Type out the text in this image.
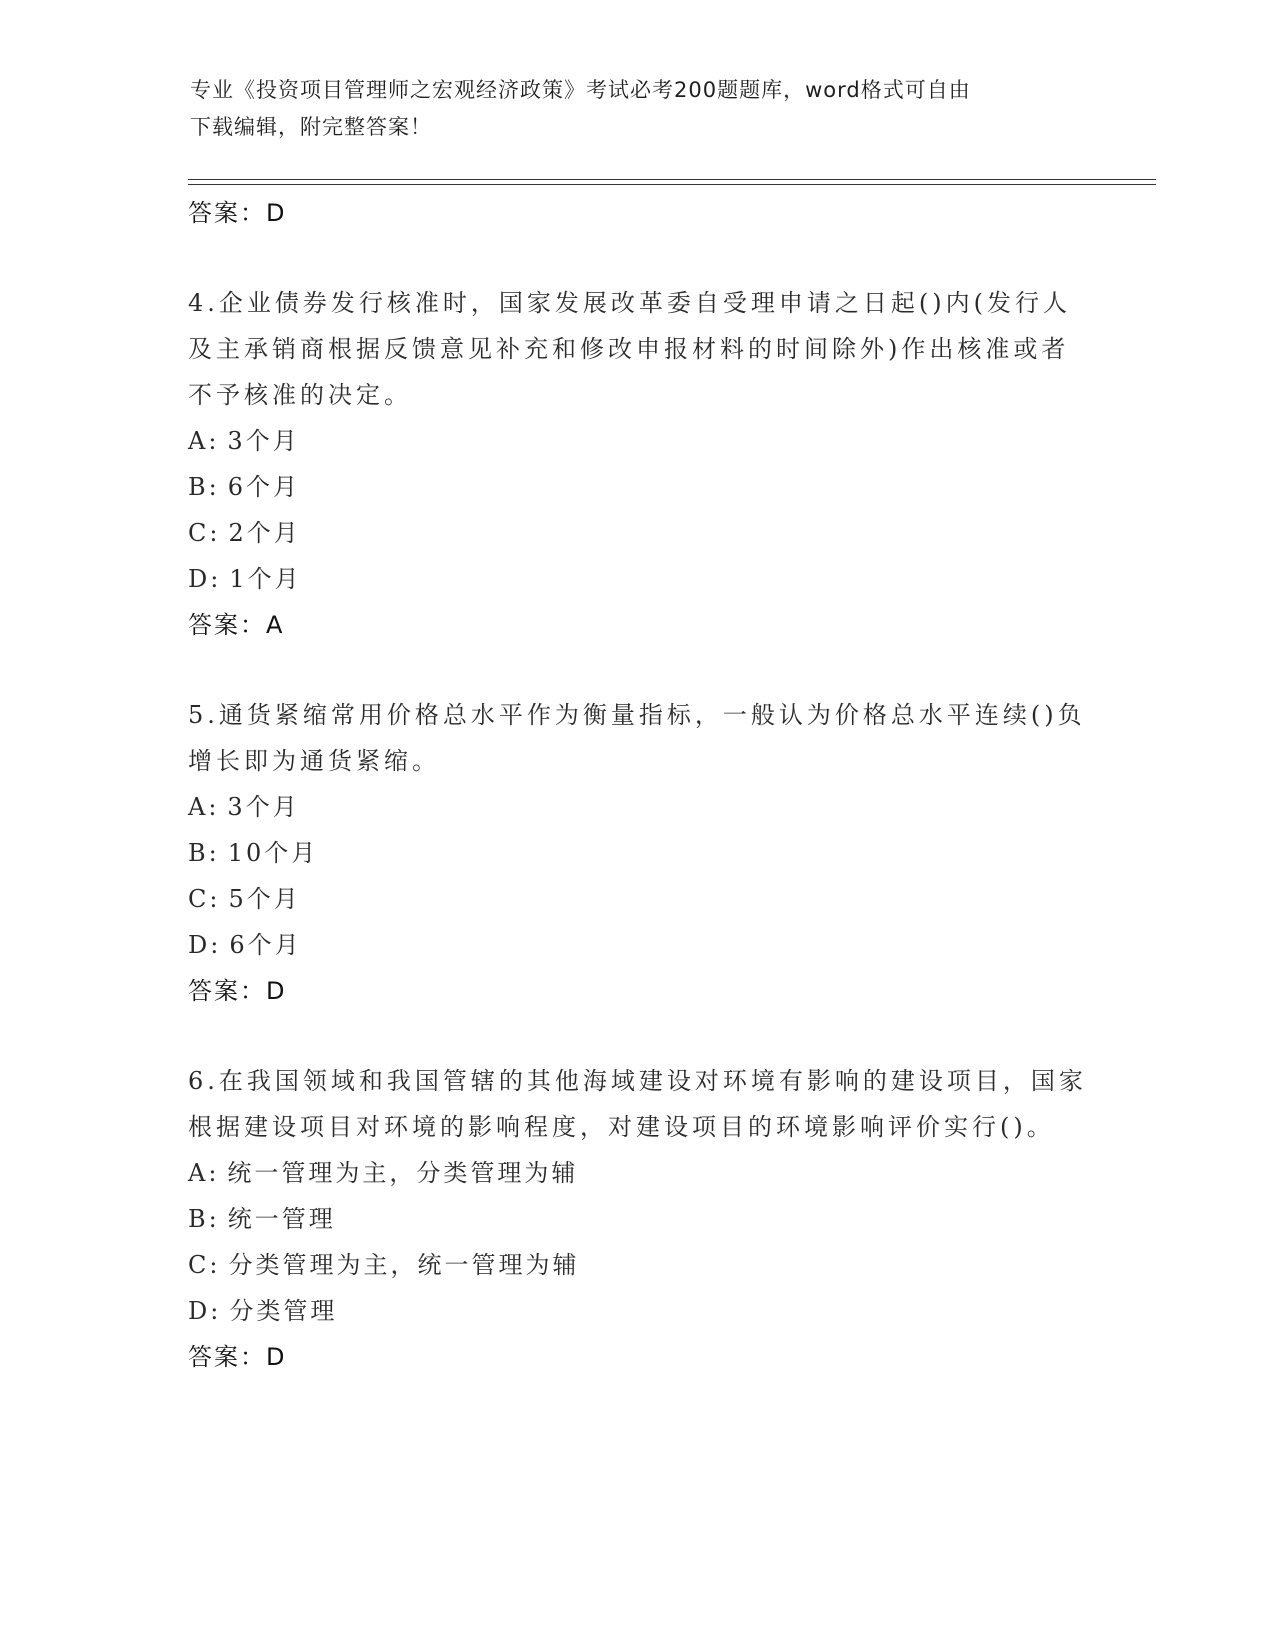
专业《投资项目管理师之宏观经济政策》考试必考200题题库，word格式可自由
下载编辑，附完整答案！
答案：D
4.企业债券发行核准时，国家发展改革委自受理申请之日起()内(发行人及主承销商根据反馈意见补充和修改申报材料的时间除外)作出核准或者不予核准的决定。
A: 3个月
B: 6个月
C: 2个月
D: 1个月
答案：A
5.通货紧缩常用价格总水平作为衡量指标，一般认为价格总水平连续()负增长即为通货紧缩。
A: 3个月
B: 10个月
C: 5个月
D: 6个月
答案：D
6.在我国领域和我国管辖的其他海域建设对环境有影响的建设项目，国家根据建设项目对环境的影响程度，对建设项目的环境影响评价实行()。
A: 统一管理为主，分类管理为辅
B: 统一管理
C: 分类管理为主，统一管理为辅
D: 分类管理
答案：D
